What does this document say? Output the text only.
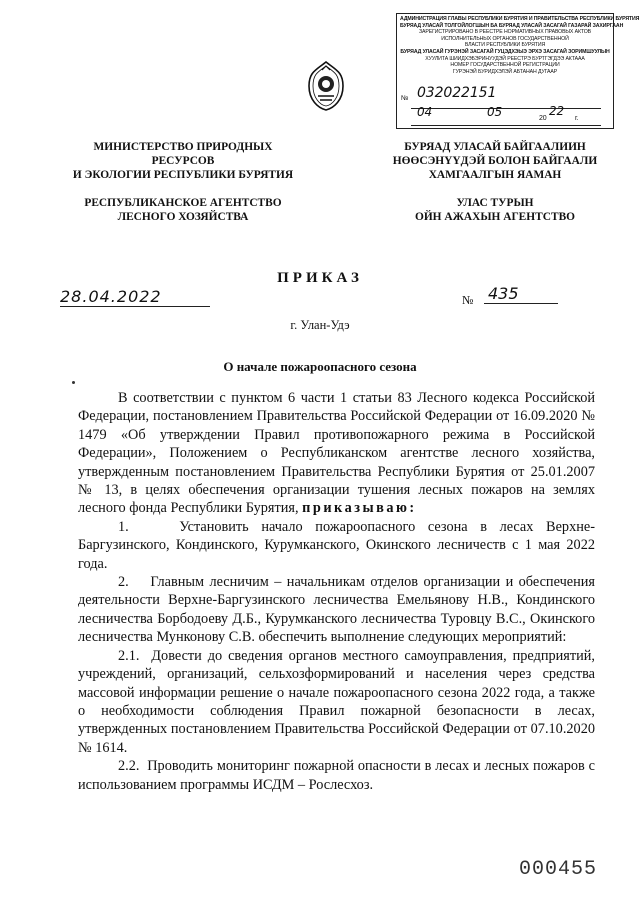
АДМИНИСТРАЦИЯ ГЛАВЫ РЕСПУБЛИКИ БУРЯТИЯ И ПРАВИТЕЛЬСТВА РЕСПУБЛИКИ БУРЯТИЯ
БУРЯАД УЛАСАЙ ТОЛГОЙЛОГШЫН БА БУРЯАД УЛАСАЙ ЗАСАГАЙ ГАЗАРАЙ ЗАХИРГААН
ЗАРЕГИСТРИРОВАНО В РЕЕСТРЕ НОРМАТИВНЫХ ПРАВОВЫХ АКТОВ
ИСПОЛНИТЕЛЬНЫХ ОРГАНОВ ГОСУДАРСТВЕННОЙ
ВЛАСТИ РЕСПУБЛИКИ БУРЯТИЯ
БУРЯАД УЛАСАЙ ГУРЭНЭЙ ЗАСАГАЙ ГУЦЭДХЭЫЭ ЭРХЭ ЗАСАГАЙ ЗОРИМШУУЛЫН
ХУУЛИТА ШИИДХЭБЭРИНУУДЭЙ РЕЕСТРЭ БУРТГЭГДЭЭ АКТААА
НОМЕР ГОСУДАРСТВЕННОЙ РЕГИСТРАЦИИ
ГУРЭНЭЙ БУРИДХЭЛЭЙ АБТАНАН ДУГААР
№ 032022151
04	05	20
22
г.
МИНИСТЕРСТВО ПРИРОДНЫХ РЕСУРСОВ
И ЭКОЛОГИИ РЕСПУБЛИКИ БУРЯТИЯ
РЕСПУБЛИКАНСКОЕ АГЕНТСТВО
ЛЕСНОГО ХОЗЯЙСТВА
БУРЯАД УЛАСАЙ БАЙГААЛИИН
НӨӨСЭНҮҮДЭЙ БОЛОН БАЙГААЛИ
ХАМГААЛГЫН ЯАМАН
УЛАС ТУРЫН
ОЙН АЖАХЫН АГЕНТСТВО
ПРИКАЗ
28.04.2022	№ 435
г. Улан-Удэ
О начале пожароопасного сезона

В соответствии с пунктом 6 части 1 статьи 83 Лесного кодекса Российской Федерации, постановлением Правительства Российской Федерации от 16.09.2020 № 1479 «Об утверждении Правил противопожарного режима в Российской Федерации», Положением о Республиканском агентстве лесного хозяйства, утвержденным постановлением Правительства Республики Бурятия от 25.01.2007 № 13, в целях обеспечения организации тушения лесных пожаров на землях лесного фонда Республики Бурятия, приказываю:

1.    Установить начало пожароопасного сезона в лесах Верхне-Баргузинского, Кондинского, Курумканского, Окинского лесничеств с 1 мая 2022 года.

2.    Главным лесничим – начальникам отделов организации и обеспечения деятельности Верхне-Баргузинского лесничества Емельянову Н.В., Кондинского лесничества Борбодоеву Д.Б., Курумканского лесничества Туровцу В.С., Окинского лесничества Мунконову С.В. обеспечить выполнение следующих мероприятий:

2.1.  Довести до сведения органов местного самоуправления, предприятий, учреждений, организаций, сельхозформирований и населения через средства массовой информации решение о начале пожароопасного сезона 2022 года, а также о необходимости соблюдения Правил пожарной безопасности в лесах, утвержденных постановлением Правительства Российской Федерации от 07.10.2020 № 1614.

2.2.  Проводить мониторинг пожарной опасности в лесах и лесных пожаров с использованием программы ИСДМ – Рослесхоз.

000455
